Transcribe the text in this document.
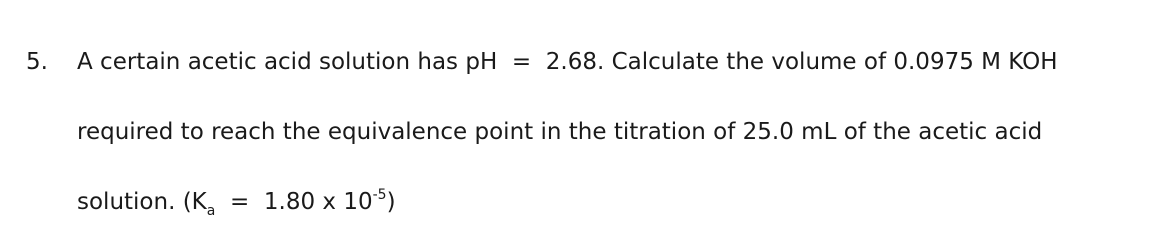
5. A certain acetic acid solution has pH  =  2.68. Calculate the volume of 0.0975 M KOH
required to reach the equivalence point in the titration of 25.0 mL of the acetic acid
solution. ($K_a = 1.80$ x $10^{-5}$)
